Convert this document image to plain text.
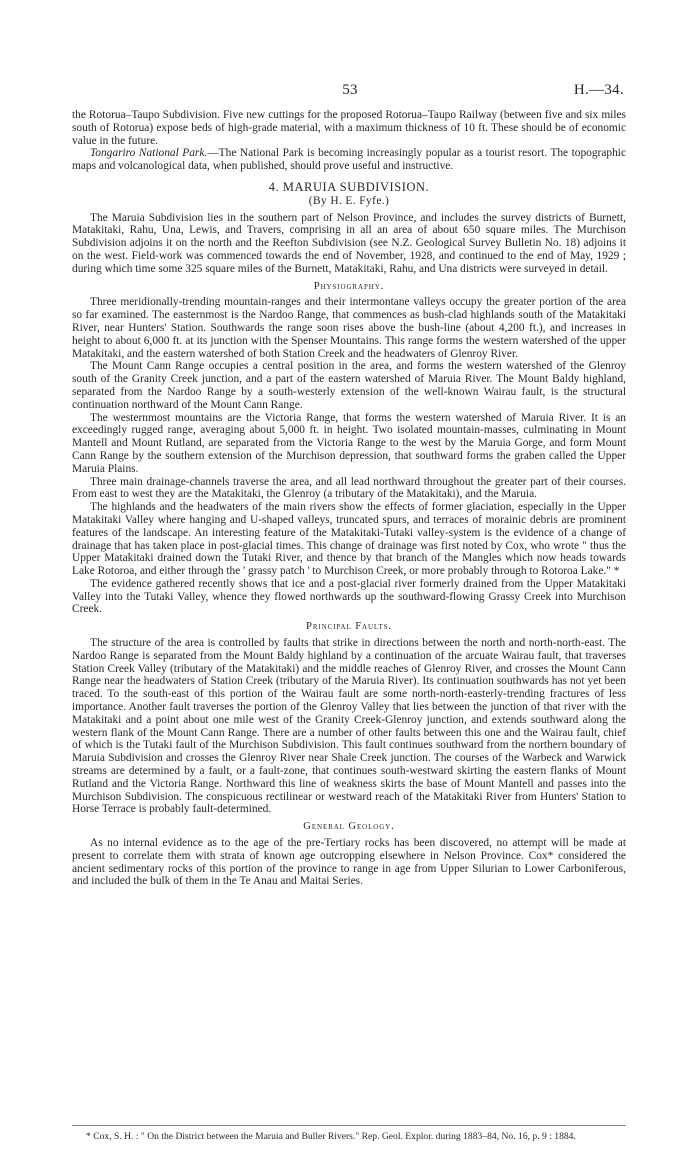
53	H.—34.

the Rotorua–Taupo Subdivision. Five new cuttings for the proposed Rotorua–Taupo Railway (between five and six miles south of Rotorua) expose beds of high-grade material, with a maximum thickness of 10 ft. These should be of economic value in the future.

Tongariro National Park.—The National Park is becoming increasingly popular as a tourist resort. The topographic maps and volcanological data, when published, should prove useful and instructive.

4. MARUIA SUBDIVISION.
(By H. E. Fyfe.)

The Maruia Subdivision lies in the southern part of Nelson Province, and includes the survey districts of Burnett, Matakitaki, Rahu, Una, Lewis, and Travers, comprising in all an area of about 650 square miles. The Murchison Subdivision adjoins it on the north and the Reefton Subdivision (see N.Z. Geological Survey Bulletin No. 18) adjoins it on the west. Field-work was commenced towards the end of November, 1928, and continued to the end of May, 1929 ; during which time some 325 square miles of the Burnett, Matakitaki, Rahu, and Una districts were surveyed in detail.

Physiography.

Three meridionally-trending mountain-ranges and their intermontane valleys occupy the greater portion of the area so far examined. The easternmost is the Nardoo Range, that commences as bush-clad highlands south of the Matakitaki River, near Hunters' Station. Southwards the range soon rises above the bush-line (about 4,200 ft.), and increases in height to about 6,000 ft. at its junction with the Spenser Mountains. This range forms the western watershed of the upper Matakitaki, and the eastern watershed of both Station Creek and the headwaters of Glenroy River.

The Mount Cann Range occupies a central position in the area, and forms the western watershed of the Glenroy south of the Granity Creek junction, and a part of the eastern watershed of Maruia River. The Mount Baldy highland, separated from the Nardoo Range by a south-westerly extension of the well-known Wairau fault, is the structural continuation northward of the Mount Cann Range.

The westernmost mountains are the Victoria Range, that forms the western watershed of Maruia River. It is an exceedingly rugged range, averaging about 5,000 ft. in height. Two isolated mountain-masses, culminating in Mount Mantell and Mount Rutland, are separated from the Victoria Range to the west by the Maruia Gorge, and form Mount Cann Range by the southern extension of the Murchison depression, that southward forms the graben called the Upper Maruia Plains.

Three main drainage-channels traverse the area, and all lead northward throughout the greater part of their courses. From east to west they are the Matakitaki, the Glenroy (a tributary of the Matakitaki), and the Maruia.

The highlands and the headwaters of the main rivers show the effects of former glaciation, especially in the Upper Matakitaki Valley where hanging and U-shaped valleys, truncated spurs, and terraces of morainic debris are prominent features of the landscape. An interesting feature of the Matakitaki-Tutaki valley-system is the evidence of a change of drainage that has taken place in post-glacial times. This change of drainage was first noted by Cox, who wrote " thus the Upper Matakitaki drained down the Tutaki River, and thence by that branch of the Mangles which now heads towards Lake Rotoroa, and either through the ' grassy patch ' to Murchison Creek, or more probably through to Rotoroa Lake." *

The evidence gathered recently shows that ice and a post-glacial river formerly drained from the Upper Matakitaki Valley into the Tutaki Valley, whence they flowed northwards up the southward-flowing Grassy Creek into Murchison Creek.

Principal Faults.

The structure of the area is controlled by faults that strike in directions between the north and north-north-east. The Nardoo Range is separated from the Mount Baldy highland by a continuation of the arcuate Wairau fault, that traverses Station Creek Valley (tributary of the Matakitaki) and the middle reaches of Glenroy River, and crosses the Mount Cann Range near the headwaters of Station Creek (tributary of the Maruia River). Its continuation southwards has not yet been traced. To the south-east of this portion of the Wairau fault are some north-north-easterly-trending fractures of less importance. Another fault traverses the portion of the Glenroy Valley that lies between the junction of that river with the Matakitaki and a point about one mile west of the Granity Creek-Glenroy junction, and extends southward along the western flank of the Mount Cann Range. There are a number of other faults between this one and the Wairau fault, chief of which is the Tutaki fault of the Murchison Subdivision. This fault continues southward from the northern boundary of Maruia Subdivision and crosses the Glenroy River near Shale Creek junction. The courses of the Warbeck and Warwick streams are determined by a fault, or a fault-zone, that continues south-westward skirting the eastern flanks of Mount Rutland and the Victoria Range. Northward this line of weakness skirts the base of Mount Mantell and passes into the Murchison Subdivision. The conspicuous rectilinear or westward reach of the Matakitaki River from Hunters' Station to Horse Terrace is probably fault-determined.

General Geology.

As no internal evidence as to the age of the pre-Tertiary rocks has been discovered, no attempt will be made at present to correlate them with strata of known age outcropping elsewhere in Nelson Province. Cox* considered the ancient sedimentary rocks of this portion of the province to range in age from Upper Silurian to Lower Carboniferous, and included the bulk of them in the Te Anau and Maitai Series.

* Cox, S. H. : " On the District between the Maruia and Buller Rivers." Rep. Geol. Explor. during 1883–84, No. 16, p. 9 : 1884.
